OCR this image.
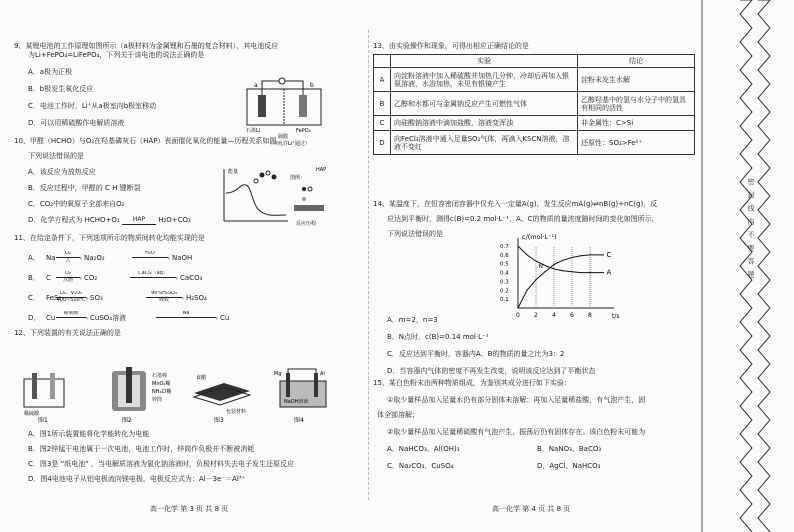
9、某锂电池的工作原理如图所示（a极材料为金属锂和石墨的复合材料），其电池反应
为Li+FePO₄=LiFePO₄，下列关于该电池的说法正确的是
A．a极为正极
B．b极发生氧化反应
C．电池工作时，Li⁺从a极室向b极室移动
D．可以用稀硫酸作电解质溶液
10、甲醛（HCHO）与O₂在羟基磷灰石（HAP）表面催化氧化的能量—历程关系如图。
下列说法错误的是
A．该反应为放热反应
B．反应过程中，甲醛的 C H 键断裂
C．CO₂中的氧原子全部来自O₂
D．化学方程式为 HCHO+O₂	HAP	H₂O+CO₂
11、在给定条件下，下列选项所示的物质间转化均能实现的是
A． Na
O₂
›
△	Na₂O₂
H₂O
› NaOH
B． C
O₂
›
点燃	CO₂
CaCl₂（aq）
› CaCO₃
C． FeS₂
O₂、V₂O₅
›
400~500℃ SO₃
98%H₂SO₄
›
吸收	H₂SO₄
D． Cu
稀硫酸
› CuSO₄溶液
Na
› Cu
12、下列装置的有关说法正确的是
a	b
石墨Li	FePO₄
隔膜
（只允许Li⁺通过）
能量
反应历程
图例：
HAP
稀硫酸
图1
石墨棒
MnO₂糊
NH₄Cl糊
锌筒
图2
食醋
包装材料
图3
Mg	Al
NaOH溶液
图4
A．图1所示装置能将化学能转化为电能
B．图2锌锰干电池属于一次电池，电池工作时，锌筒作负极并不断被消耗
C．图3是 “纸电池” ，当电解质溶液为氯化钠溶液时，负极材料失去电子发生还原反应
D．图4电池电子从铝电极流向镁电极，电极反应式为：Al－3e⁻＝Al³⁺
高一化学 第 3 页 共 8 页
13、由实验操作和现象，可得出相应正确结论的是
	实验	结论
A	向淀粉溶液中加入稀硫酸并加热几分钟，冷却后再加入银氨溶液，水浴加热，未见有银镜产生	淀粉未发生水解
B	乙醇和水都可与金属钠反应产生可燃性气体	乙醇羟基中的氢与水分子中的氢具有相同的活性
C	向硅酸钠溶液中滴加盐酸，溶液变浑浊	非金属性：C>Si
D	向FeCl₃溶液中通入足量SO₂气体，再滴入KSCN溶液，溶液不变红	还原性：SO₂>Fe²⁺
14、某温度下，在恒容密闭容器中仅充入一定量A(g)，发生反应mA(g)⇌nB(g)+nC(g)，反
应达到平衡时，测得c(B)=0.2 mol·L⁻¹，A、C的物质的量浓度随时间的变化如图所示，
下列说法错误的是
t/s
c/(mol·L⁻¹)
0 2 4 6 8
0.1
0.2
0.3
0.4
0.5
0.6
0.7
C
A
N
A．m=2，n=3
B．N点时，c(B)=0.14 mol·L⁻¹
C．反应达到平衡时，容器内A、B的物质的量之比为3：2
D．当容器内气体的密度不再发生改变，说明该反应达到了平衡状态
15、某白色粉末由两种物质组成，为鉴别其成分进行如下实验：
①取少量样品加入足量水仍有部分固体未溶解；再加入足量稀盐酸，有气泡产生，固
体全部溶解；
②取少量样品加入足量稀硫酸有气泡产生，振荡后仍有固体存在。该白色粉末可能为
A．NaHCO₃、Al(OH)₃	B．NaNO₃、BaCO₃
C．Na₂CO₃、CuSO₄	D．AgCl、NaHCO₃
高一化学 第 4 页 共 8 页
密 封 线 内 不 要 答 题
